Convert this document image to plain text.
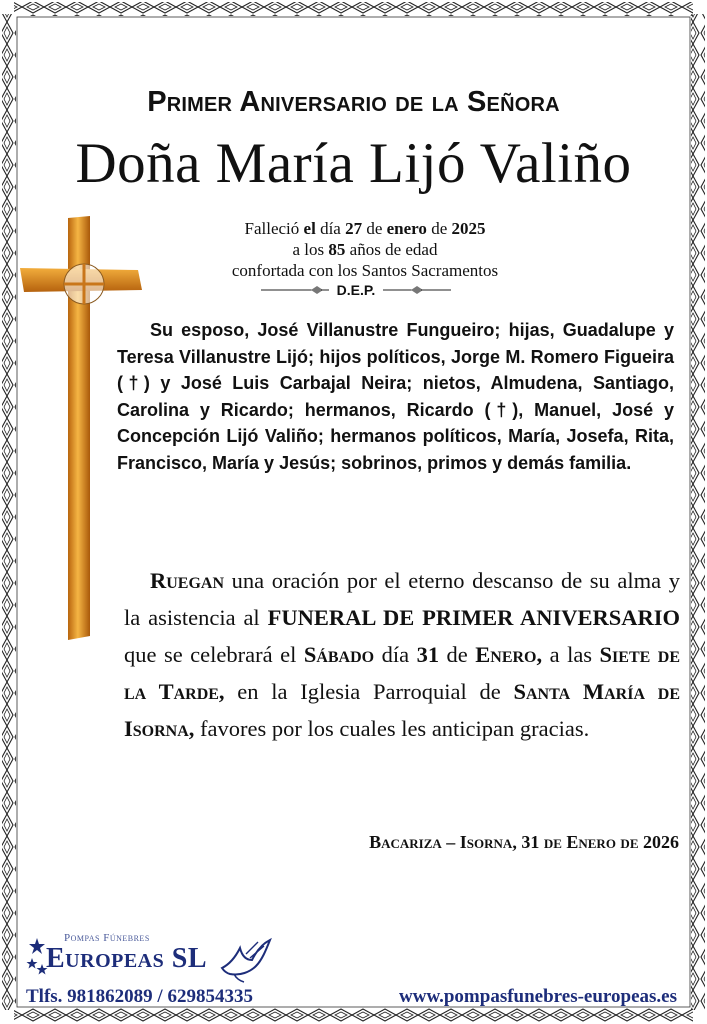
Primer Aniversario de la Señora
Doña María Lijó Valiño
Falleció el día 27 de enero de 2025
a los 85 años de edad
confortada con los Santos Sacramentos
D.E.P.
Su esposo, José Villanustre Fungueiro; hijas, Guadalupe y Teresa Villanustre Lijó; hijos políticos, Jorge M. Romero Figueira (†) y José Luis Carbajal Neira; nietos, Almudena, Santiago, Carolina y Ricardo; hermanos, Ricardo (†), Manuel, José y Concepción Lijó Valiño; hermanos políticos, María, Josefa, Rita, Francisco, María y Jesús; sobrinos, primos y demás familia.
Ruegan una oración por el eterno descanso de su alma y la asistencia al FUNERAL DE PRIMER ANIVERSARIO que se celebrará el Sábado día 31 de Enero, a las Siete de la Tarde, en la Iglesia Parroquial de Santa María de Isorna, favores por los cuales les anticipan gracias.
Bacariza – Isorna, 31 de Enero de 2026
Pompas Fúnebres
Europeas SL
Tlfs. 981862089 / 629854335	www.pompasfunebres-europeas.es
